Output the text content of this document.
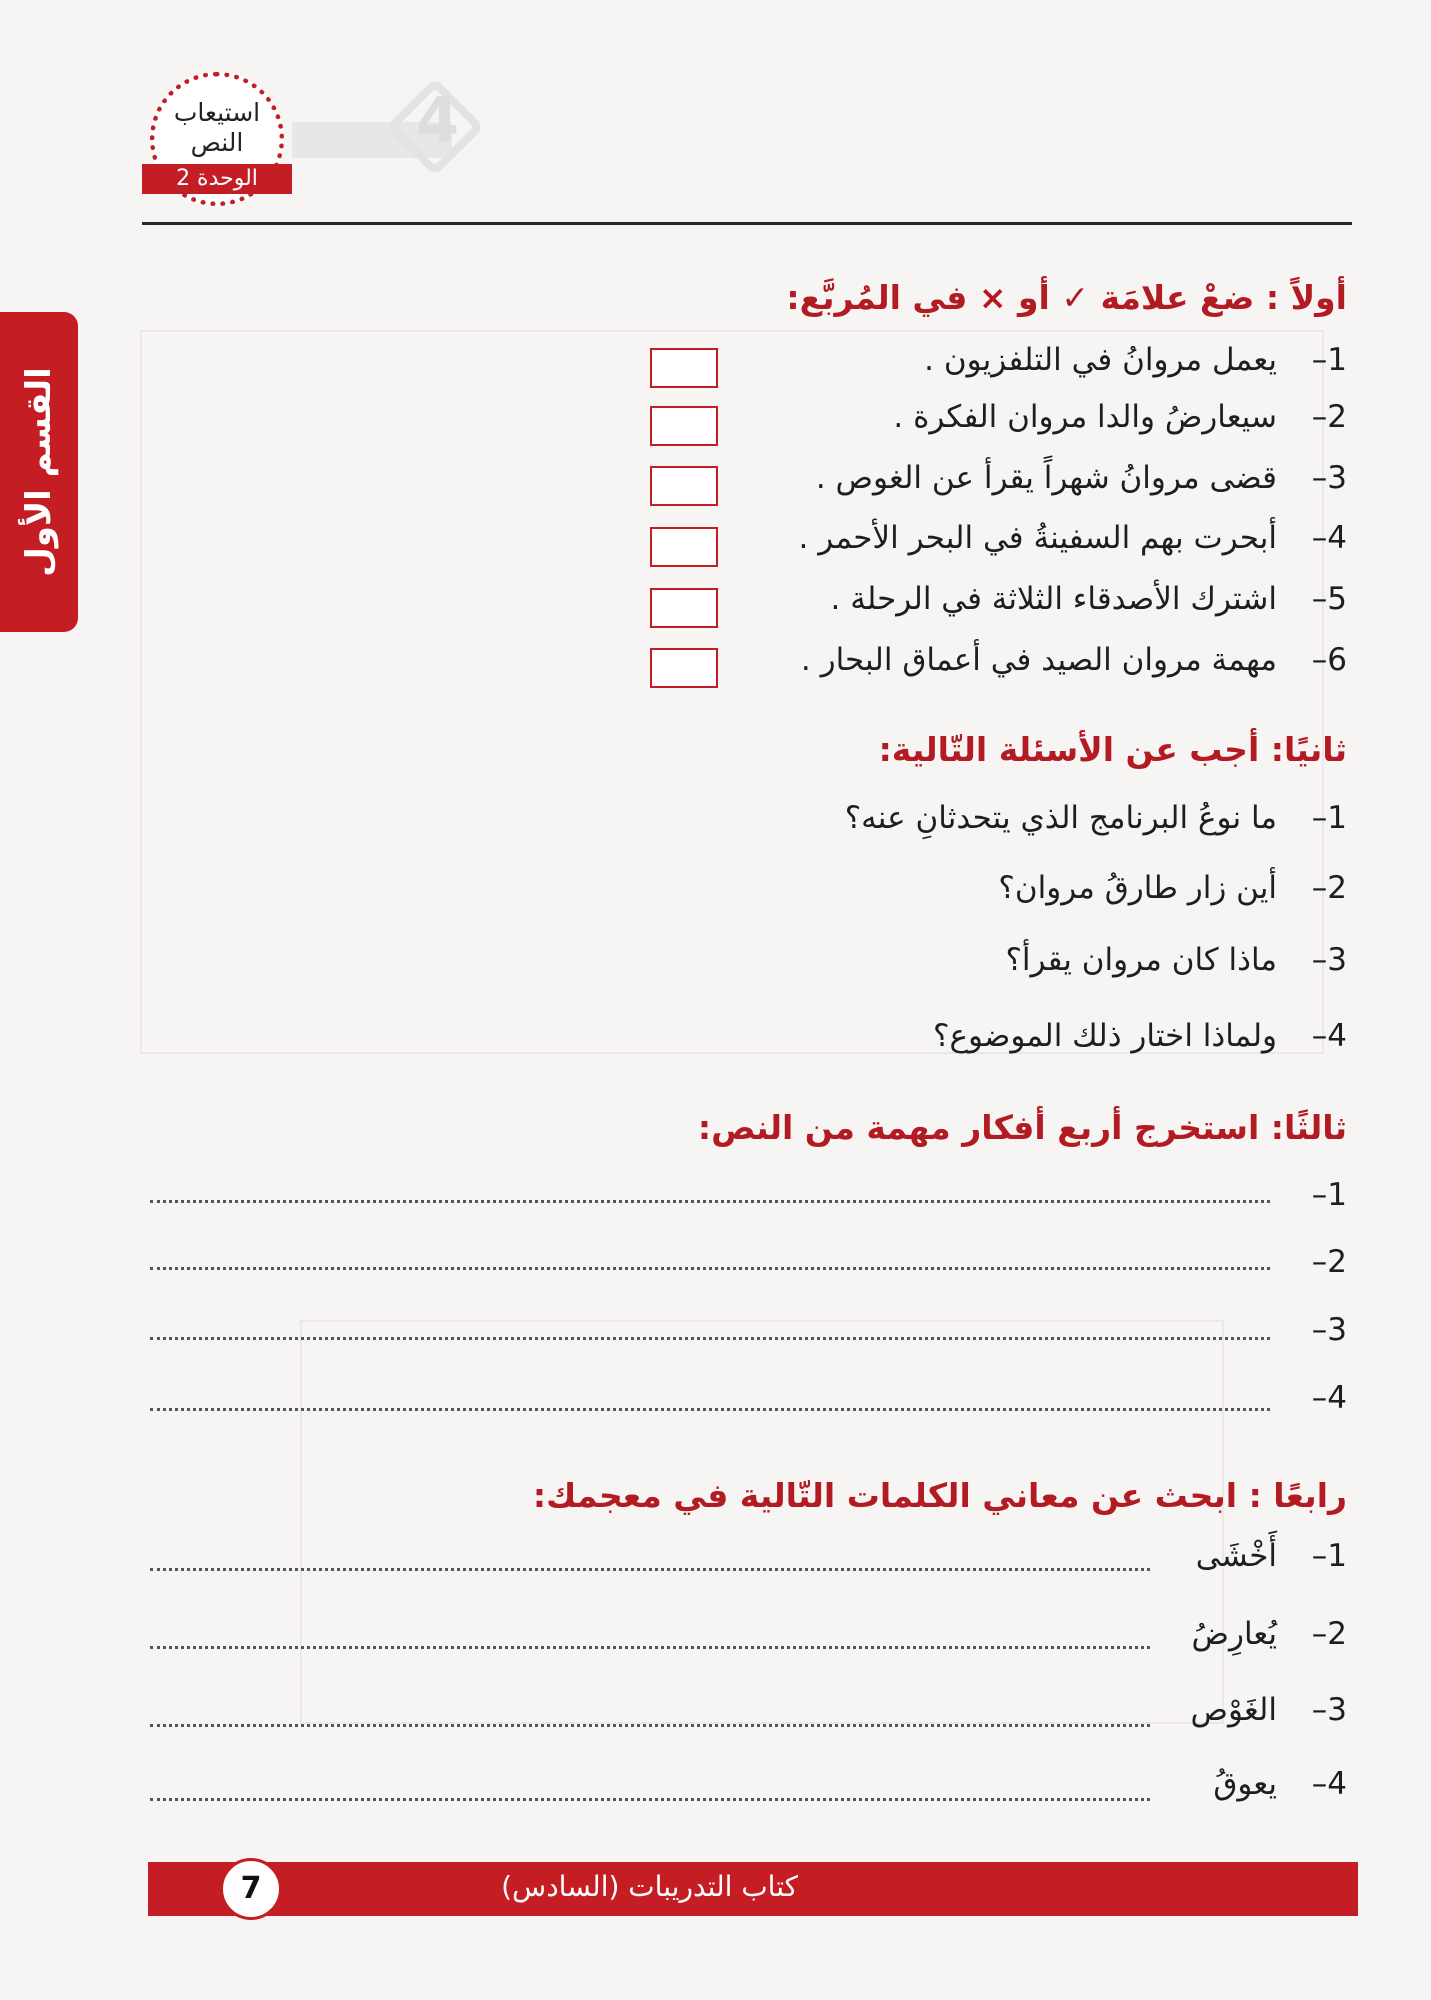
استيعاب النص
الوحدة 2
4
القسم الأول
أولاً : ضعْ علامَة ✓ أو × في المُربَّع:
1–يعمل مروانُ في التلفزيون .
2–سيعارضُ والدا مروان الفكرة .
3–قضى مروانُ شهراً يقرأ عن الغوص .
4–أبحرت بهم السفينةُ في البحر الأحمر .
5–اشترك الأصدقاء الثلاثة في الرحلة .
6–مهمة مروان الصيد في أعماق البحار .
ثانيًا: أجب عن الأسئلة التّالية:
1–ما نوعُ البرنامج الذي يتحدثانِ عنه؟
2–أين زار طارقُ مروان؟
3–ماذا كان مروان يقرأ؟
4–ولماذا اختار ذلك الموضوع؟
ثالثًا: استخرج أربع أفكار مهمة من النص:
1–
2–
3–
4–
رابعًا : ابحث عن معاني الكلمات التّالية في معجمك:
1–أَخْشَى
2–يُعارِضُ
3–الغَوْص
4–يعوقُ
كتاب التدريبات (السادس)
7
